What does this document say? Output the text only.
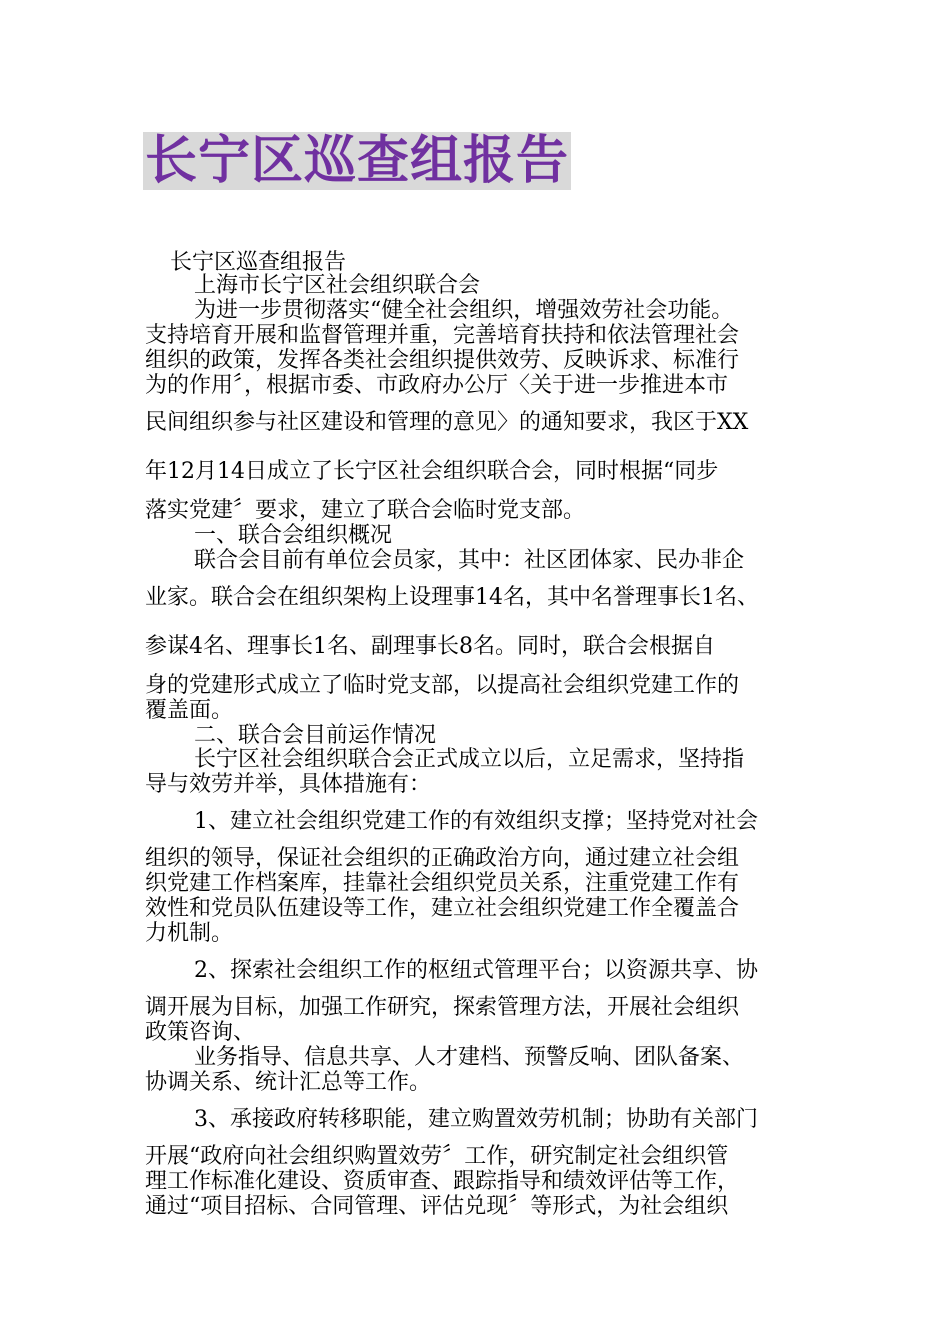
长宁区巡查组报告
长宁区巡查组报告
上海市长宁区社会组织联合会
为进一步贯彻落实“健全社会组织，增强效劳社会功能。
支持培育开展和监督管理并重，完善培育扶持和依法管理社会
组织的政策，发挥各类社会组织提供效劳、反映诉求、标准行
为的作用〞，根据市委、市政府办公厅〈关于进一步推进本市
民间组织参与社区建设和管理的意见〉的通知要求，我区于XX
年12月14日成立了长宁区社会组织联合会，同时根据“同步
落实党建〞要求，建立了联合会临时党支部。
一、联合会组织概况
联合会目前有单位会员家，其中：社区团体家、民办非企
业家。联合会在组织架构上设理事14名，其中名誉理事长1名、
参谋4名、理事长1名、副理事长8名。同时，联合会根据自
身的党建形式成立了临时党支部，以提高社会组织党建工作的
覆盖面。
二、联合会目前运作情况
长宁区社会组织联合会正式成立以后，立足需求，坚持指
导与效劳并举，具体措施有：
1、建立社会组织党建工作的有效组织支撑；坚持党对社会
组织的领导，保证社会组织的正确政治方向，通过建立社会组
织党建工作档案库，挂靠社会组织党员关系，注重党建工作有
效性和党员队伍建设等工作，建立社会组织党建工作全覆盖合
力机制。
2、探索社会组织工作的枢纽式管理平台；以资源共享、协
调开展为目标，加强工作研究，探索管理方法，开展社会组织
政策咨询、
业务指导、信息共享、人才建档、预警反响、团队备案、
协调关系、统计汇总等工作。
3、承接政府转移职能，建立购置效劳机制；协助有关部门
开展“政府向社会组织购置效劳〞工作，研究制定社会组织管
理工作标准化建设、资质审查、跟踪指导和绩效评估等工作，
通过“项目招标、合同管理、评估兑现〞等形式，为社会组织
